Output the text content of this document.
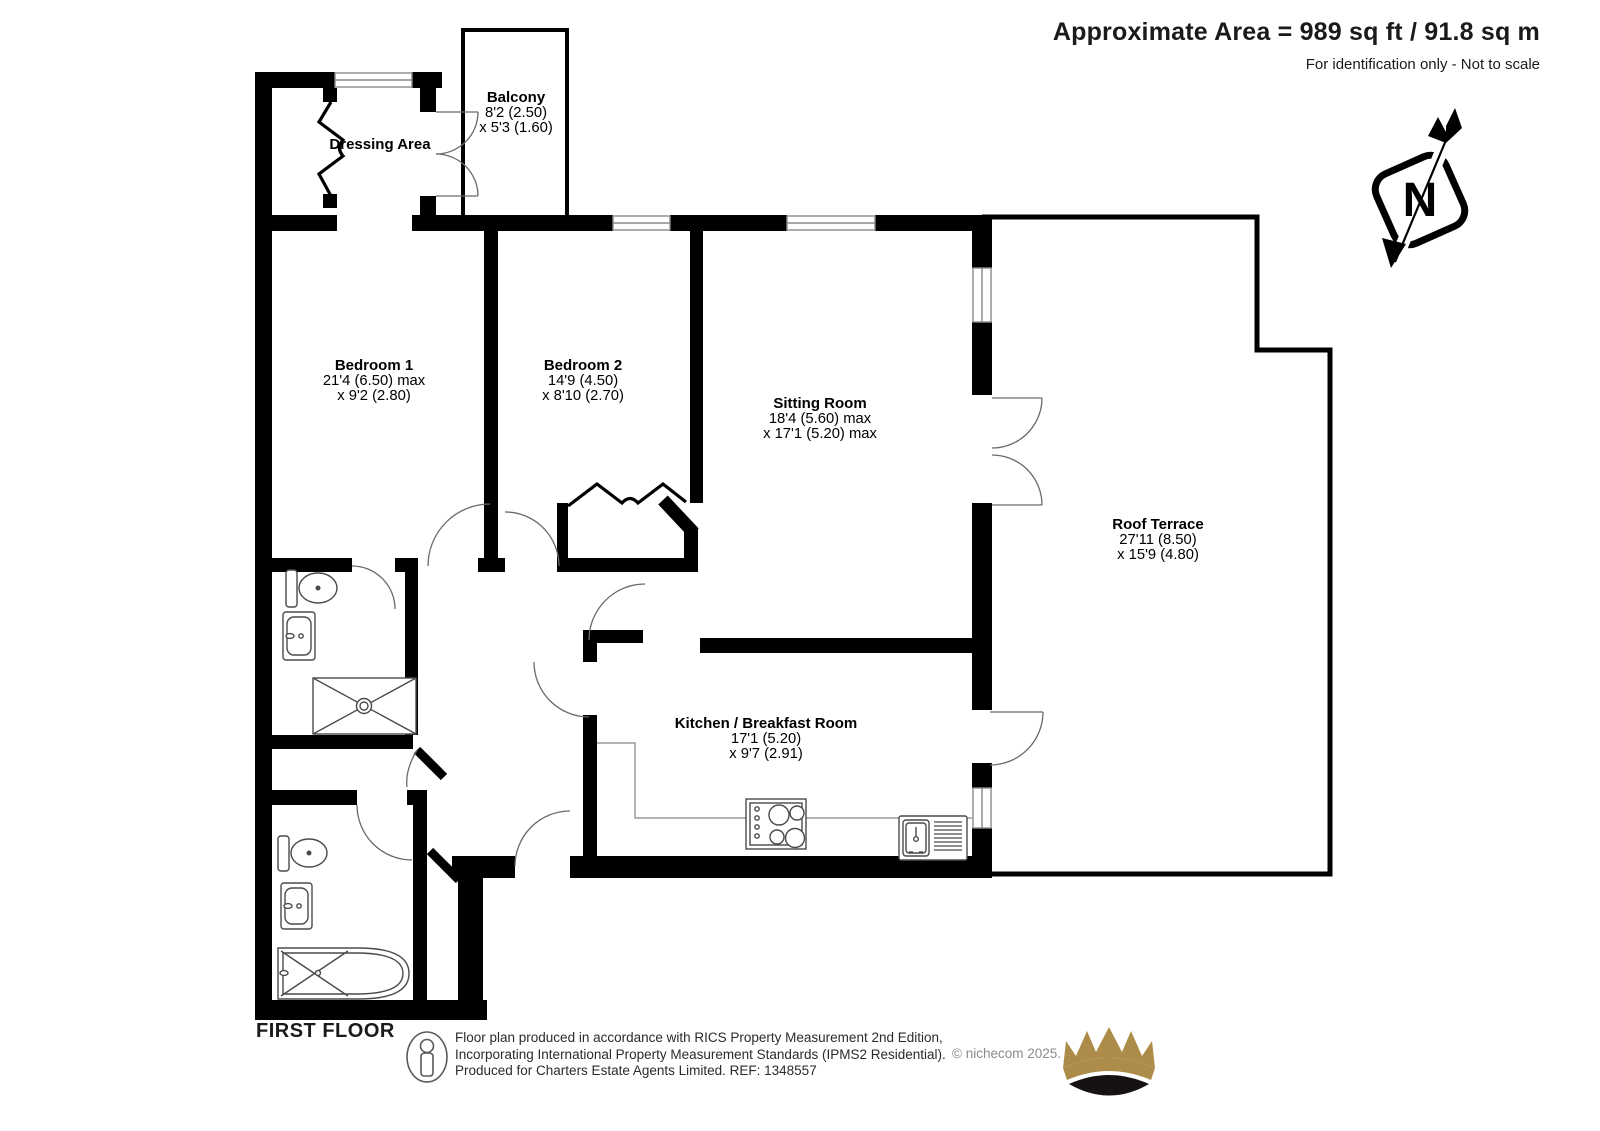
N
Approximate Area = 989 sq ft / 91.8 sq m
For identification only - Not to scale
Balcony
8'2 (2.50)
x 5'3 (1.60)
Dressing Area
Bedroom 1
21'4 (6.50) max
x 9'2 (2.80)
Bedroom 2
14'9 (4.50)
x 8'10 (2.70)	Sitting Room
18'4 (5.60) max
x 17'1 (5.20) max
Roof Terrace
27'11 (8.50)
x 15'9 (4.80)
Kitchen / Breakfast Room
17'1 (5.20)
x 9'7 (2.91)
FIRST FLOOR	Floor plan produced in accordance with RICS Property Measurement 2nd Edition,
Incorporating International Property Measurement Standards (IPMS2 Residential).
Produced for Charters Estate Agents Limited. REF: 1348557
© nichecom 2025.
